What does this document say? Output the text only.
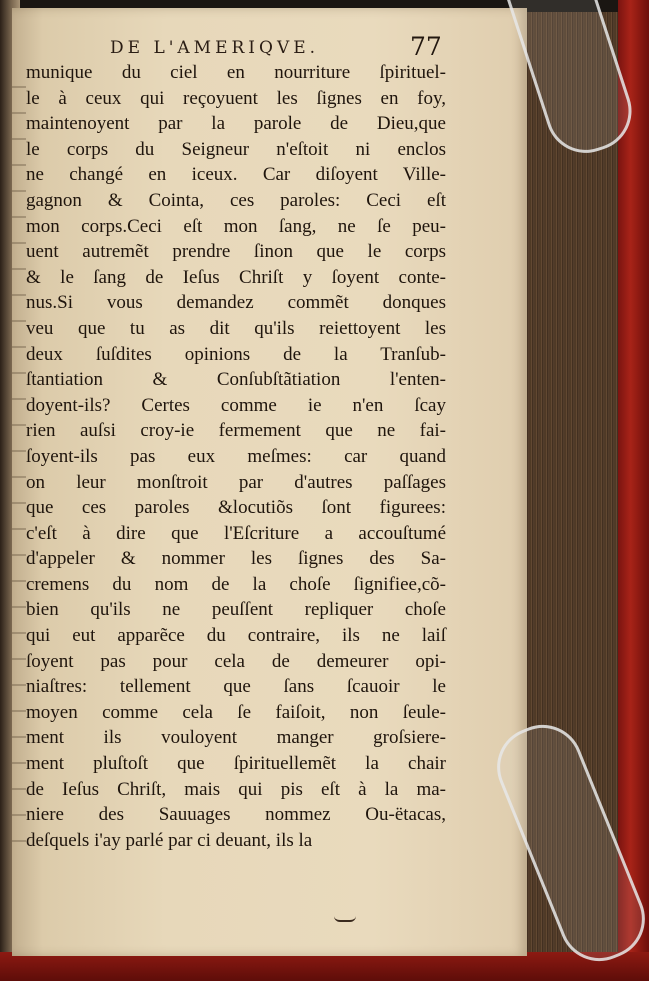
DE L'AMERIQVE.	77
munique du ciel en nourriture ſpirituel-
le à ceux qui reçoyuent les ſignes en foy,
maintenoyent par la parole de Dieu,que
le corps du Seigneur n'eſtoit ni enclos
ne changé en iceux. Car diſoyent Ville-
gagnon & Cointa, ces paroles: Ceci eſt
mon corps.Ceci eſt mon ſang, ne ſe peu-
uent autremẽt prendre ſinon que le corps
& le ſang de Ieſus Chriſt y ſoyent conte-
nus.Si vous demandez commẽt donques
veu que tu as dit qu'ils reiettoyent les
deux ſuſdites opinions de la Tranſub-
ſtantiation & Conſubſtãtiation l'enten-
doyent-ils? Certes comme ie n'en ſcay
rien auſsi croy-ie fermement que ne fai-
ſoyent-ils pas eux meſmes: car quand
on leur monſtroit par d'autres paſſages
que ces paroles &locutiõs ſont figurees:
c'eſt à dire que l'Eſcriture a accouſtumé
d'appeler & nommer les ſignes des Sa-
cremens du nom de la choſe ſignifiee,cõ-
bien qu'ils ne peuſſent repliquer choſe
qui eut apparẽce du contraire, ils ne laiſ
ſoyent pas pour cela de demeurer opi-
niaſtres: tellement que ſans ſcauoir le
moyen comme cela ſe faiſoit, non ſeule-
ment ils vouloyent manger groſsiere-
ment pluſtoſt que ſpirituellemẽt la chair
de Ieſus Chriſt, mais qui pis eſt à la ma-
niere des Sauuages nommez Ou-ëtacas,
deſquels i'ay parlé par ci deuant, ils la
